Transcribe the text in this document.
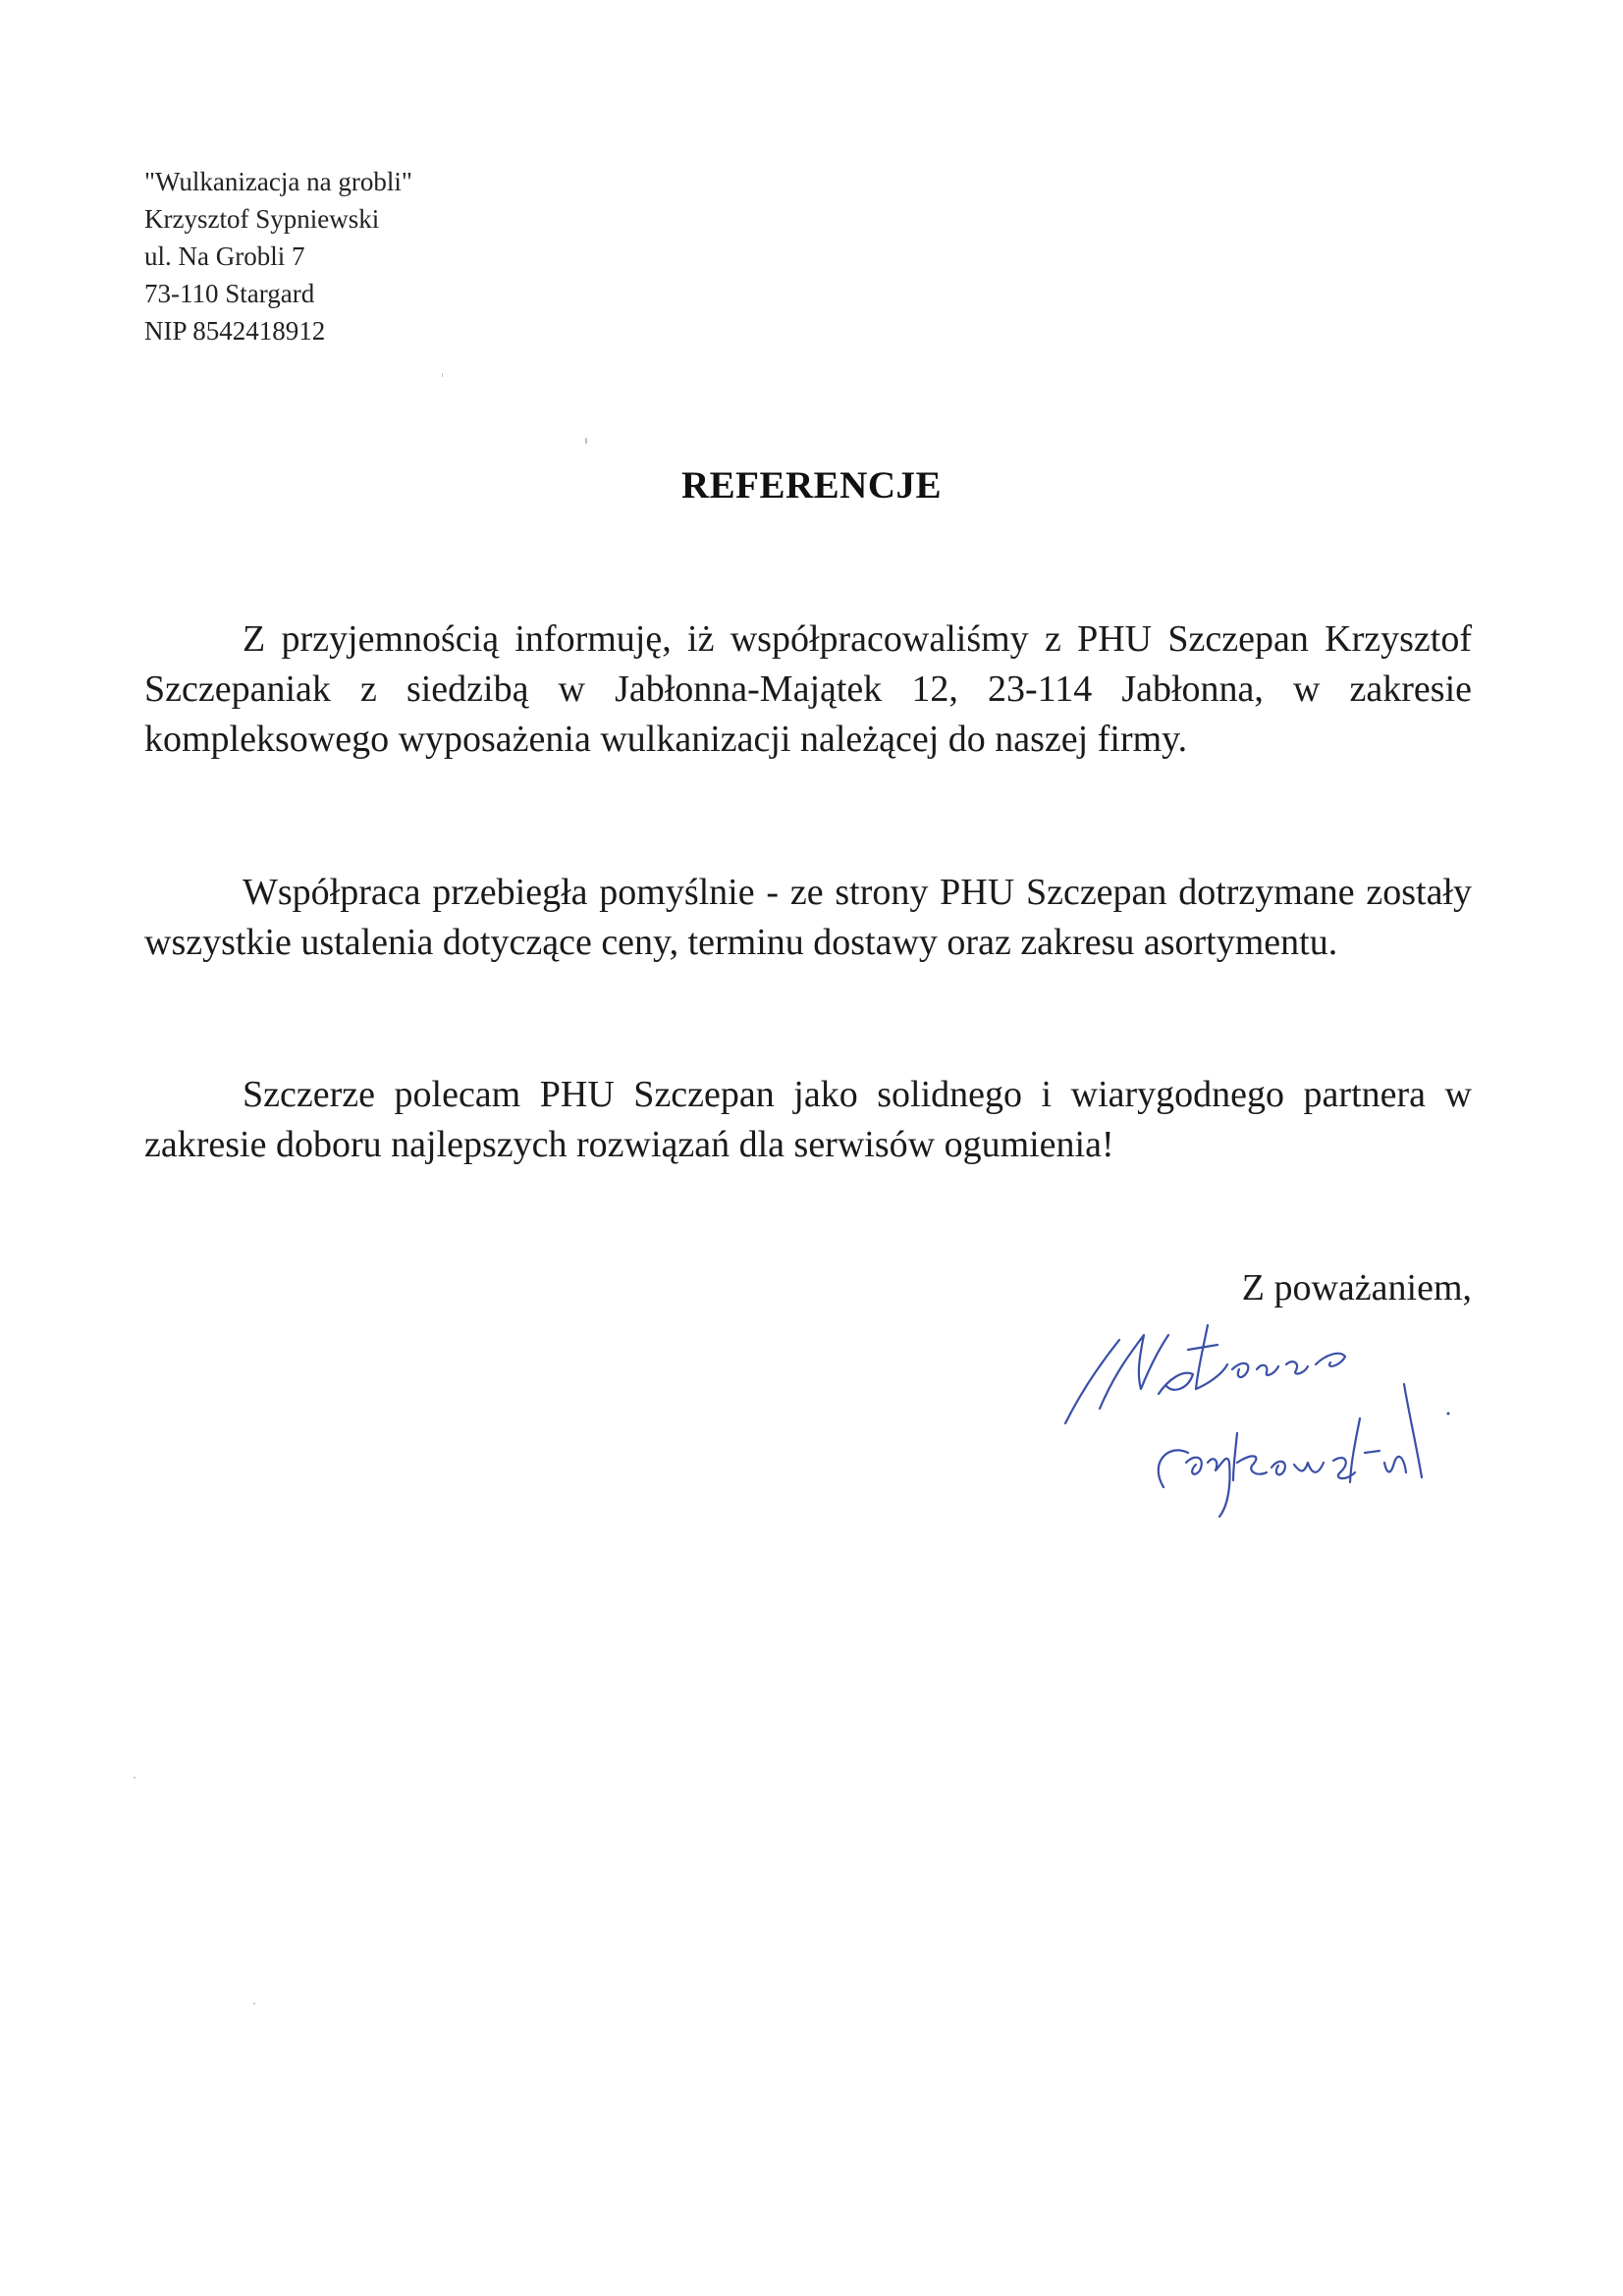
"Wulkanizacja na grobli"
Krzysztof Sypniewski
ul. Na Grobli 7
73-110 Stargard
NIP 8542418912
REFERENCJE

Z przyjemnością informuję, iż współpracowaliśmy z PHU Szczepan Krzysztof Szczepaniak z siedzibą w Jabłonna-Majątek 12, 23-114 Jabłonna, w zakresie kompleksowego wyposażenia wulkanizacji należącej do naszej firmy.

Współpraca przebiegła pomyślnie - ze strony PHU Szczepan dotrzymane zostały wszystkie ustalenia dotyczące ceny, terminu dostawy oraz zakresu asortymentu.

Szczerze polecam PHU Szczepan jako solidnego i wiarygodnego partnera w zakresie doboru najlepszych rozwiązań dla serwisów ogumienia!

Z poważaniem,
